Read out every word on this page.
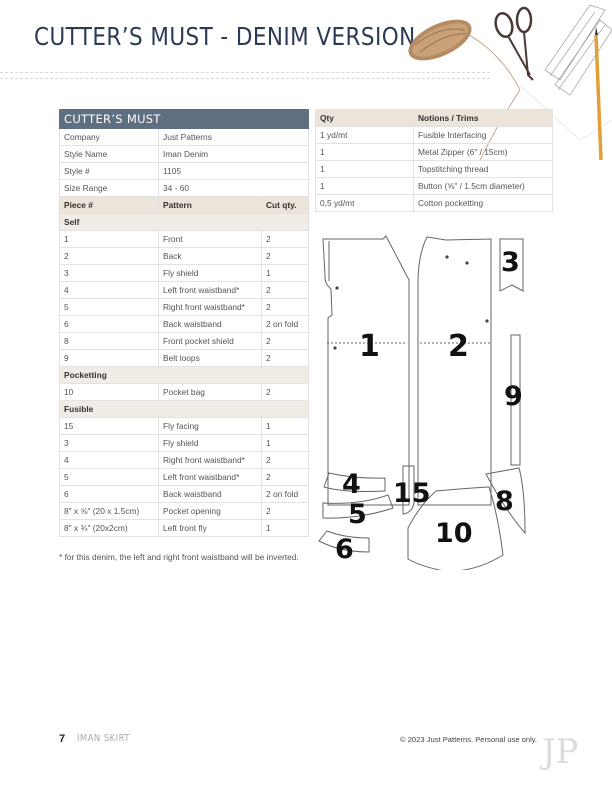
CUTTER’S MUST - DENIM VERSION
CUTTER’S MUST		
Company	Just Patterns	
Style Name	Iman Denim	
Style #	1105	
Size Range	34 - 60	
Piece #	Pattern	Cut qty.
Self		
1	Front	2
2	Back	2
3	Fly shield	1
4	Left front waistband*	2
5	Right front waistband*	2
6	Back waistband	2 on fold
8	Front pocket shield	2
9	Belt loops	2
Pocketting		
10	Pocket bag	2
Fusible		
15	Fly facing	1
3	Fly shield	1
4	Right front waistband*	2
5	Left front waistband*	2
6	Back waistband	2 on fold
8" x ⅝" (20 x 1.5cm)	Pocket opening	2
8" x ¾" (20x2cm)	Left front fly	1
* for this denim, the left and right front waistband will be inverted.
Qty	Notions / Trims
1 yd/mt	Fusible Interfacing
1	Metal Zipper (6" / 15cm)
1	Topstitching thread
1	Button (⅝" / 1.5cm diameter)
0,5 yd/mt	Cotton pocketting
1 2
3
9
4 15 8
5
10
6
7 IMAN SKIRT	© 2023 Just Patterns. Personal use only. JP
